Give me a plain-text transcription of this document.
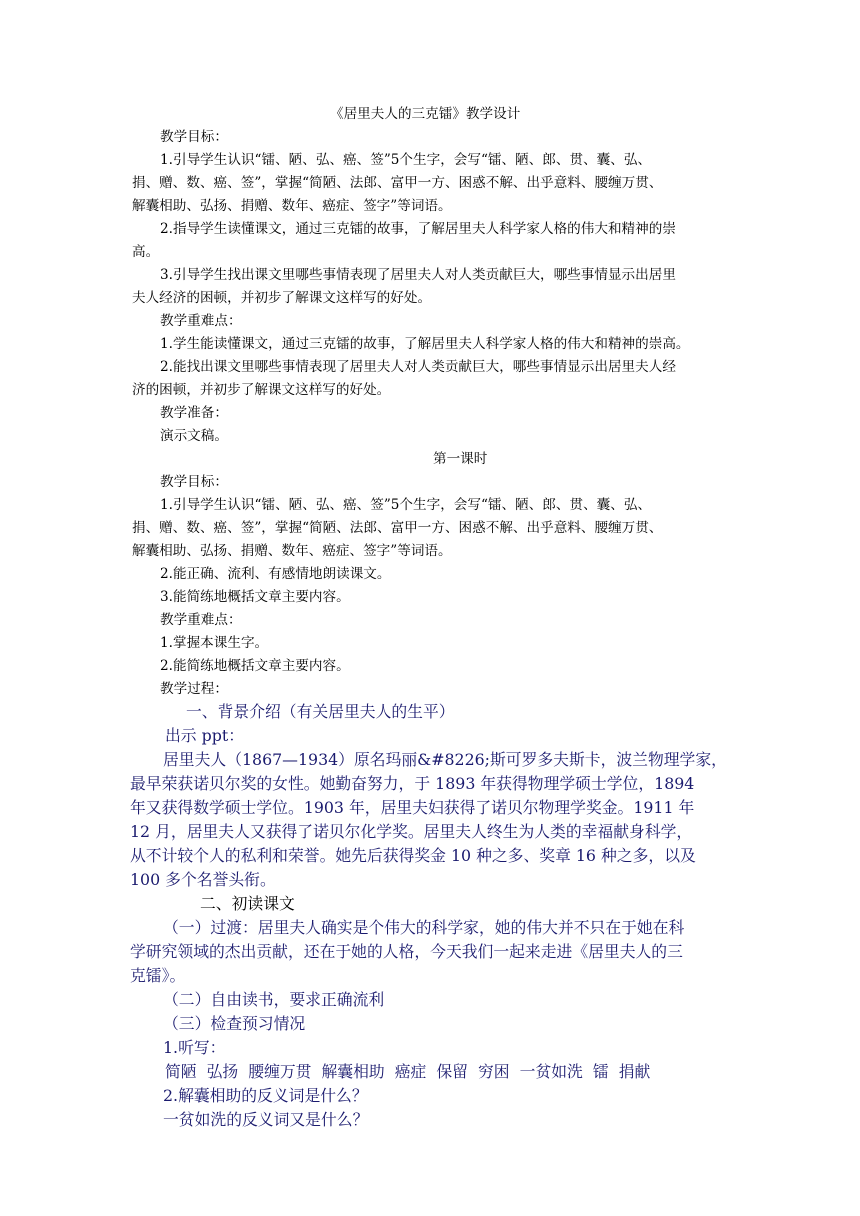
《居里夫人的三克镭》教学设计
教学目标：
1.引导学生认识“镭、陋、弘、癌、签”5个生字，会写“镭、陋、郎、贯、囊、弘、
捐、赠、数、癌、签”，掌握“简陋、法郎、富甲一方、困惑不解、出乎意料、腰缠万贯、
解囊相助、弘扬、捐赠、数年、癌症、签字”等词语。
2.指导学生读懂课文，通过三克镭的故事，了解居里夫人科学家人格的伟大和精神的崇
高。
3.引导学生找出课文里哪些事情表现了居里夫人对人类贡献巨大，哪些事情显示出居里
夫人经济的困顿，并初步了解课文这样写的好处。
教学重难点：
1.学生能读懂课文，通过三克镭的故事，了解居里夫人科学家人格的伟大和精神的崇高。
2.能找出课文里哪些事情表现了居里夫人对人类贡献巨大，哪些事情显示出居里夫人经
济的困顿，并初步了解课文这样写的好处。
教学准备：
演示文稿。
第一课时
教学目标：
1.引导学生认识“镭、陋、弘、癌、签”5个生字，会写“镭、陋、郎、贯、囊、弘、
捐、赠、数、癌、签”，掌握“简陋、法郎、富甲一方、困惑不解、出乎意料、腰缠万贯、
解囊相助、弘扬、捐赠、数年、癌症、签字”等词语。
2.能正确、流利、有感情地朗读课文。
3.能简练地概括文章主要内容。
教学重难点：
1.掌握本课生字。
2.能简练地概括文章主要内容。
教学过程：
一、背景介绍（有关居里夫人的生平）
出示 ppt：
居里夫人（1867—1934）原名玛丽&#8226;斯可罗多夫斯卡，波兰物理学家，
最早荣获诺贝尔奖的女性。她勤奋努力，于 1893 年获得物理学硕士学位，1894
年又获得数学硕士学位。1903 年，居里夫妇获得了诺贝尔物理学奖金。1911 年
12 月，居里夫人又获得了诺贝尔化学奖。居里夫人终生为人类的幸福献身科学，
从不计较个人的私利和荣誉。她先后获得奖金 10 种之多、奖章 16 种之多，以及
100 多个名誉头衔。
二、初读课文
（一）过渡：居里夫人确实是个伟大的科学家，她的伟大并不只在于她在科
学研究领域的杰出贡献，还在于她的人格，今天我们一起来走进《居里夫人的三
克镭》。
（二）自由读书，要求正确流利
（三）检查预习情况
1.听写：
简陋  弘扬  腰缠万贯  解囊相助  癌症  保留  穷困  一贫如洗  镭  捐献
2.解囊相助的反义词是什么？
一贫如洗的反义词又是什么？
